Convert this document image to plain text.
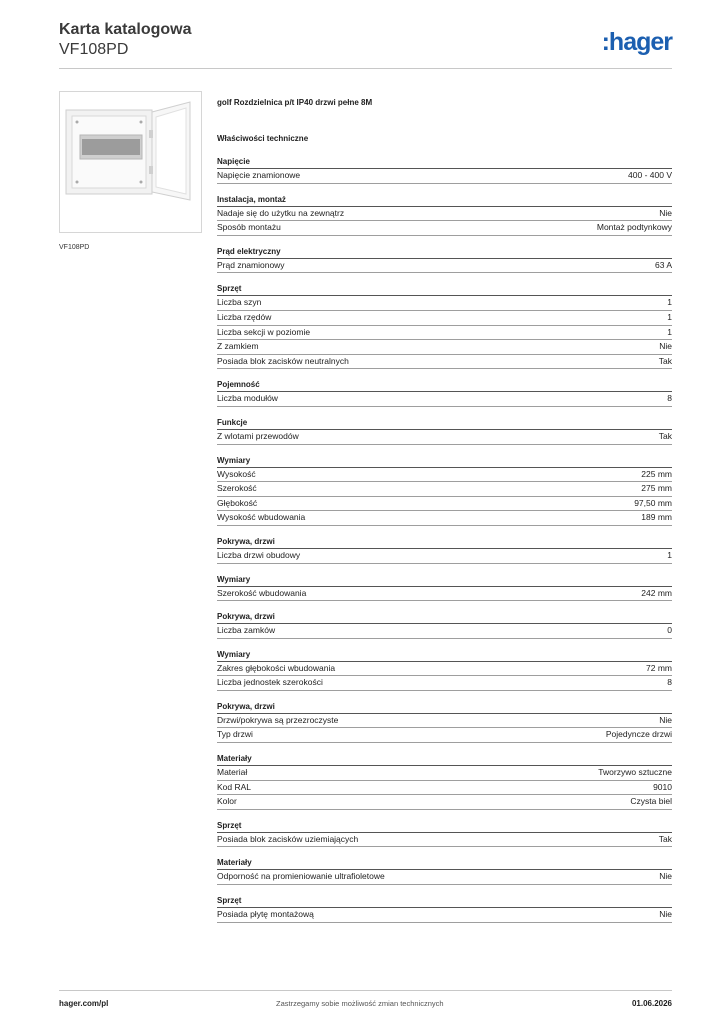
Karta katalogowa
VF108PD	:hager
VF108PD
golf Rozdzielnica p/t IP40 drzwi pełne 8M
Właściwości techniczne
Napięcie
Napięcie znamionowe	400 - 400 V
Instalacja, montaż
Nadaje się do użytku na zewnątrz	Nie
Sposób montażu	Montaż podtynkowy
Prąd elektryczny
Prąd znamionowy	63 A
Sprzęt
Liczba szyn	1
Liczba rzędów	1
Liczba sekcji w poziomie	1
Z zamkiem	Nie
Posiada blok zacisków neutralnych	Tak
Pojemność
Liczba modułów	8
Funkcje
Z wlotami przewodów	Tak
Wymiary
Wysokość	225 mm
Szerokość	275 mm
Głębokość	97,50 mm
Wysokość wbudowania	189 mm
Pokrywa, drzwi
Liczba drzwi obudowy	1
Wymiary
Szerokość wbudowania	242 mm
Pokrywa, drzwi
Liczba zamków	0
Wymiary
Zakres głębokości wbudowania	72 mm
Liczba jednostek szerokości	8
Pokrywa, drzwi
Drzwi/pokrywa są przezroczyste	Nie
Typ drzwi	Pojedyncze drzwi
Materiały
Materiał	Tworzywo sztuczne
Kod RAL	9010
Kolor	Czysta biel
Sprzęt
Posiada blok zacisków uziemiających	Tak
Materiały
Odporność na promieniowanie ultrafioletowe	Nie
Sprzęt
Posiada płytę montażową	Nie
hager.com/pl	Zastrzegamy sobie możliwość zmian technicznych	01.06.2026
